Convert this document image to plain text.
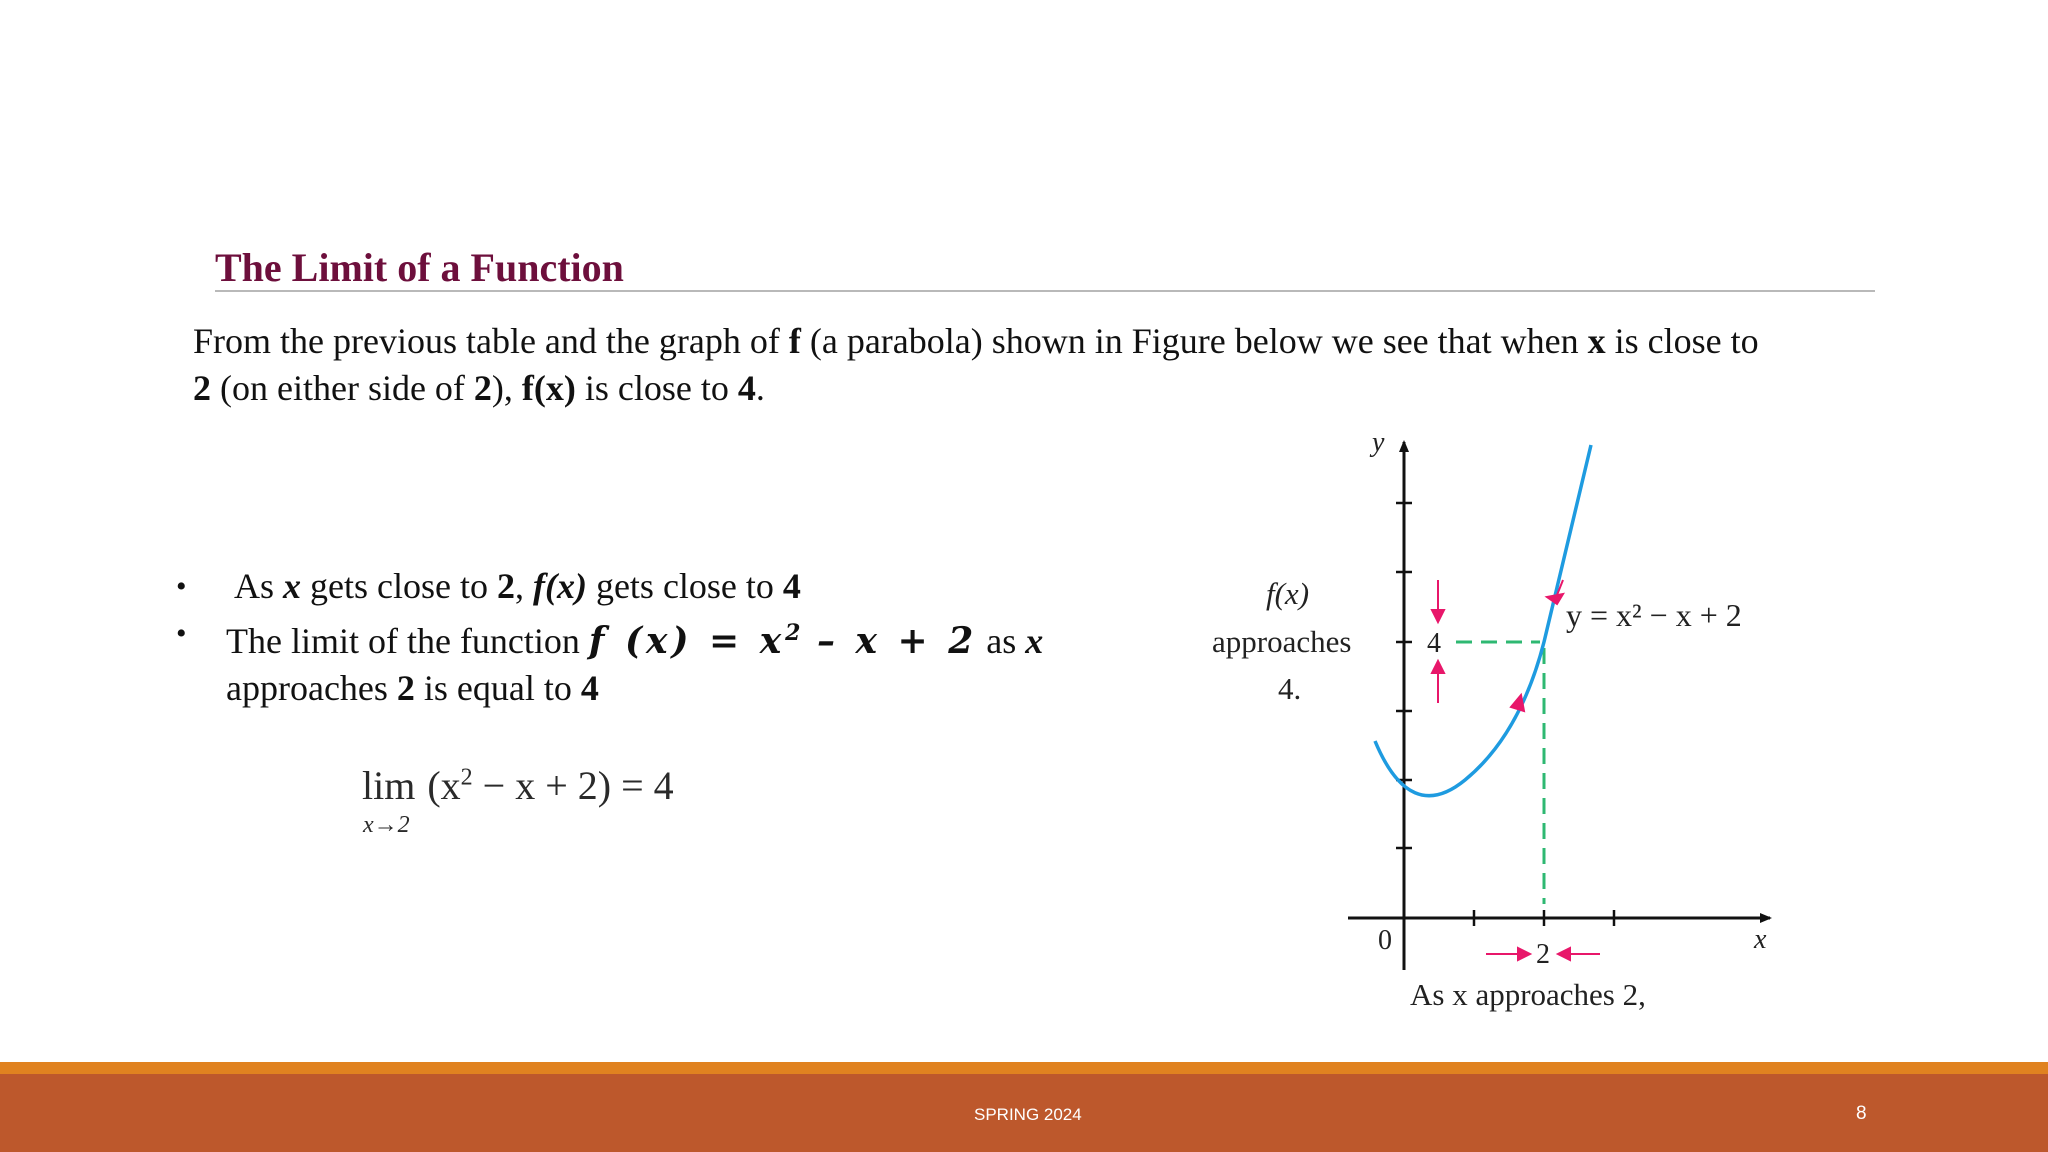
The Limit of a Function
From the previous table and the graph of f (a parabola) shown in Figure below we see that when x is close to
2 (on either side of 2), f(x) is close to 4.
• As x gets close to 2, f(x) gets close to 4
• The limit of the function f $(x) = x^2 - x + 2$ as x
approaches 2 is equal to 4
lim
x→2
$(x^2 - x + 2) = 4$
y
x
0
4
2
y = x² − x + 2
f(x)
approaches
4.
As x approaches 2,
SPRING 2024	8
